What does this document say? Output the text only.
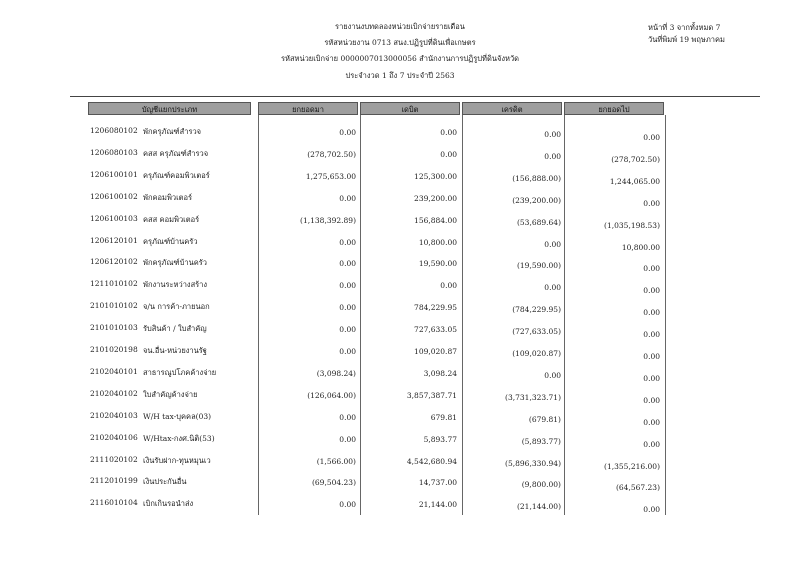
รายงานงบทดลองหน่วยเบิกจ่ายรายเดือน
รหัสหน่วยงาน 0713 สนง.ปฏิรูปที่ดินเพื่อเกษตร
รหัสหน่วยเบิกจ่าย 0000007013000056 สำนักงานการปฏิรูปที่ดินจังหวัด
ประจำงวด 1 ถึง 7 ประจำปี 2563
หน้าที่ 3 จากทั้งหมด 7
วันที่พิมพ์ 19 พฤษภาคม
บัญชีแยกประเภท	ยกยอดมา	เดบิต	เครดิต	ยกยอดไป
1206080102 พักครุภัณฑ์สำรวจ	0.00	0.00	0.00	0.00
1206080103 คสส ครุภัณฑ์สำรวจ	(278,702.50)	0.00	0.00	(278,702.50)
1206100101 ครุภัณฑ์คอมพิวเตอร์	1,275,653.00	125,300.00	(156,888.00)	1,244,065.00
1206100102 พักคอมพิวเตอร์	0.00	239,200.00	(239,200.00)	0.00
1206100103 คสส คอมพิวเตอร์	(1,138,392.89)	156,884.00	(53,689.64)	(1,035,198.53)
1206120101 ครุภัณฑ์บ้านครัว	0.00	10,800.00	0.00	10,800.00
1206120102 พักครุภัณฑ์บ้านครัว	0.00	19,590.00	(19,590.00)	0.00
1211010102 พักงานระหว่างสร้าง	0.00	0.00	0.00	0.00
2101010102 จ/น การค้า-ภายนอก	0.00	784,229.95	(784,229.95)	0.00
2101010103 รับสินค้า / ใบสำคัญ	0.00	727,633.05	(727,633.05)	0.00
2101020198 จน.อื่น-หน่วยงานรัฐ	0.00	109,020.87	(109,020.87)	0.00
2102040101 สาธารณูปโภคค้างจ่าย	(3,098.24)	3,098.24	0.00	0.00
2102040102 ใบสำคัญค้างจ่าย	(126,064.00)	3,857,387.71	(3,731,323.71)	0.00
2102040103 W/H tax-บุคคล(03)	0.00	679.81	(679.81)	0.00
2102040106 W/Htax-กงศ.นิติ(53)	0.00	5,893.77	(5,893.77)	0.00
2111020102 เงินรับฝาก-ทุนหมุนเว	(1,566.00)	4,542,680.94	(5,896,330.94)	(1,355,216.00)
2112010199 เงินประกันอื่น	(69,504.23)	14,737.00	(9,800.00)	(64,567.23)
2116010104 เบิกเกินรอนำส่ง	0.00	21,144.00	(21,144.00)	0.00
